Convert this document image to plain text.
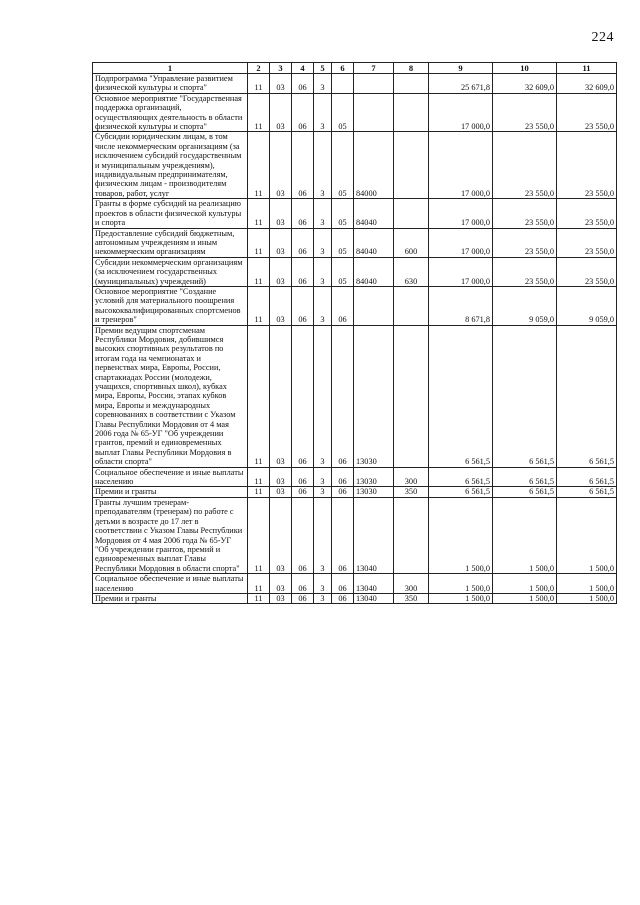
224
1	2	3	4	5	6	7	8	9	10	11
Подпрограмма "Управление развитием физической культуры и спорта"	11	03	06	3				25 671,8	32 609,0	32 609,0
Основное мероприятие "Государственная поддержка организаций, осуществляющих деятельность в области физической культуры и спорта"	11	03	06	3	05			17 000,0	23 550,0	23 550,0
Субсидии юридическим лицам, в том числе некоммерческим организациям (за исключением субсидий государственным и муниципальным учреждениям), индивидуальным предпринимателям, физическим лицам - производителям товаров, работ, услуг	11	03	06	3	05	84000		17 000,0	23 550,0	23 550,0
Гранты в форме субсидий на реализацию проектов в области физической культуры и спорта	11	03	06	3	05	84040		17 000,0	23 550,0	23 550,0
Предоставление субсидий бюджетным, автономным учреждениям и иным некоммерческим организациям	11	03	06	3	05	84040	600	17 000,0	23 550,0	23 550,0
Субсидии некоммерческим организациям (за исключением государственных (муниципальных) учреждений)	11	03	06	3	05	84040	630	17 000,0	23 550,0	23 550,0
Основное мероприятие "Создание условий для материального поощрения высококвалифицированных спортсменов и тренеров"	11	03	06	3	06			8 671,8	9 059,0	9 059,0
Премии ведущим спортсменам Республики Мордовия, добившимся высоких спортивных результатов по итогам года на чемпионатах и первенствах мира, Европы, России, спартакиадах России (молодежи, учащихся, спортивных школ), кубках мира, Европы, России, этапах кубков мира, Европы и международных соревнованиях в соответствии с Указом Главы Республики Мордовия от 4 мая 2006 года № 65-УГ "Об учреждении грантов, премий и единовременных выплат Главы Республики Мордовия в области спорта"	11	03	06	3	06	13030		6 561,5	6 561,5	6 561,5
Социальное обеспечение и иные выплаты населению	11	03	06	3	06	13030	300	6 561,5	6 561,5	6 561,5
Премии и гранты	11	03	06	3	06	13030	350	6 561,5	6 561,5	6 561,5
Гранты лучшим тренерам-преподавателям (тренерам) по работе с детьми в возрасте до 17 лет в соответствии с Указом Главы Республики Мордовия от 4 мая 2006 года № 65-УГ "Об учреждении грантов, премий и единовременных выплат Главы Республики Мордовия в области спорта"	11	03	06	3	06	13040		1 500,0	1 500,0	1 500,0
Социальное обеспечение и иные выплаты населению	11	03	06	3	06	13040	300	1 500,0	1 500,0	1 500,0
Премии и гранты	11	03	06	3	06	13040	350	1 500,0	1 500,0	1 500,0
